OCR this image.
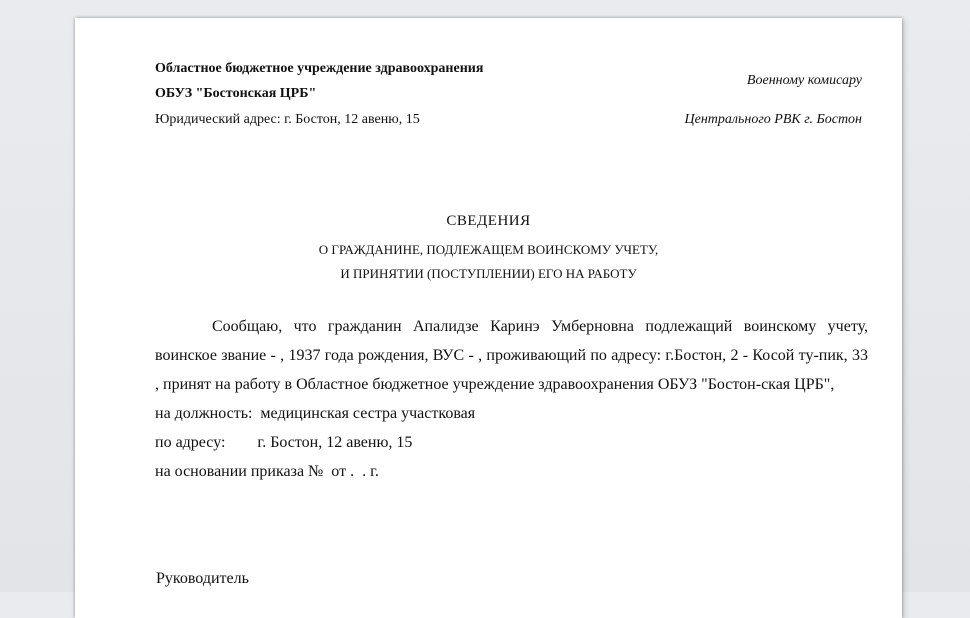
Областное бюджетное учреждение здравоохранения
ОБУЗ "Бостонская ЦРБ"
Юридический адрес: г. Бостон, 12 авеню, 15
Военному комисару
Центрального РВК г. Бостон
СВЕДЕНИЯ
О ГРАЖДАНИНЕ, ПОДЛЕЖАЩЕМ ВОИНСКОМУ УЧЕТУ,
И ПРИНЯТИИ (ПОСТУПЛЕНИИ) ЕГО НА РАБОТУ

Сообщаю, что гражданин Апалидзе Каринэ Умберновна подлежащий воинскому учету, воинское звание - , 1937 года рождения, ВУС - , проживающий по адресу: г.Бостон, 2 - Косой ту-пик, 33 , принят на работу в Областное бюджетное учреждение здравоохранения ОБУЗ "Бостон-ская ЦРБ",

на должность:  медицинская сестра участковая

по адресу:        г. Бостон, 12 авеню, 15

на основании приказа №  от .  . г.

Руководитель
